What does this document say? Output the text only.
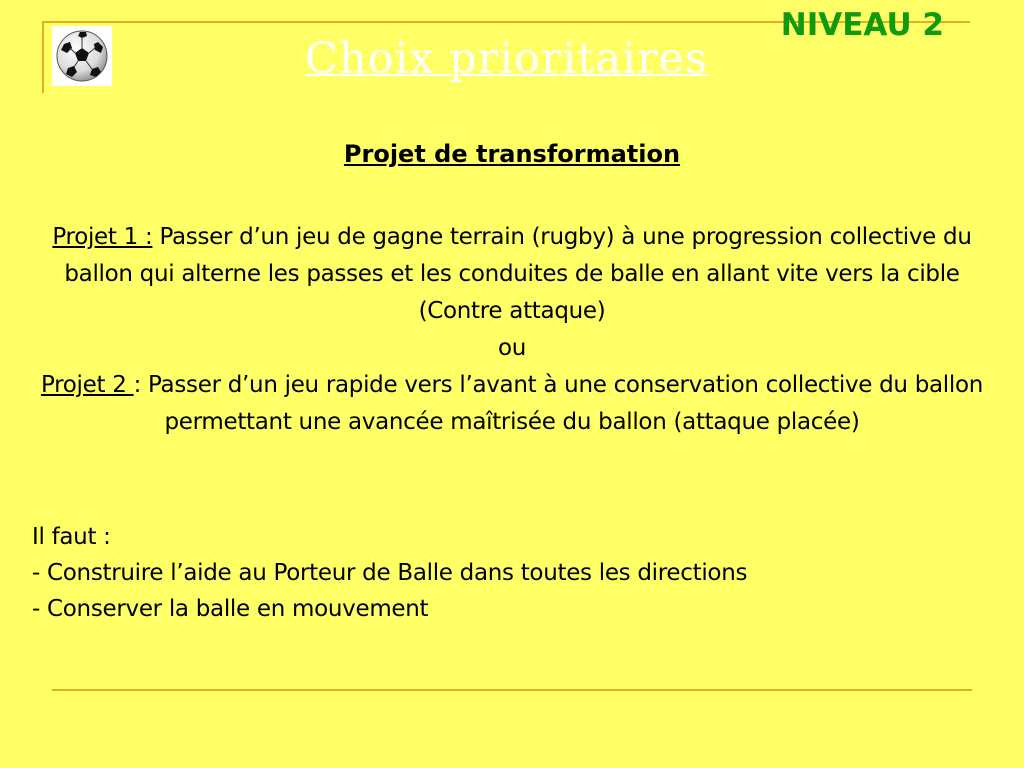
NIVEAU 2
Choix prioritaires
Projet de transformation

Projet 1 : Passer d’un jeu de gagne terrain (rugby) à une progression collective du ballon qui alterne les passes et les conduites de balle en allant vite vers la cible (Contre attaque)

ou

Projet 2 : Passer d’un jeu rapide vers l’avant à une conservation collective du ballon permettant une avancée maîtrisée du ballon (attaque placée)

Il faut :

- Construire l’aide au Porteur de Balle dans toutes les directions

- Conserver la balle en mouvement.
